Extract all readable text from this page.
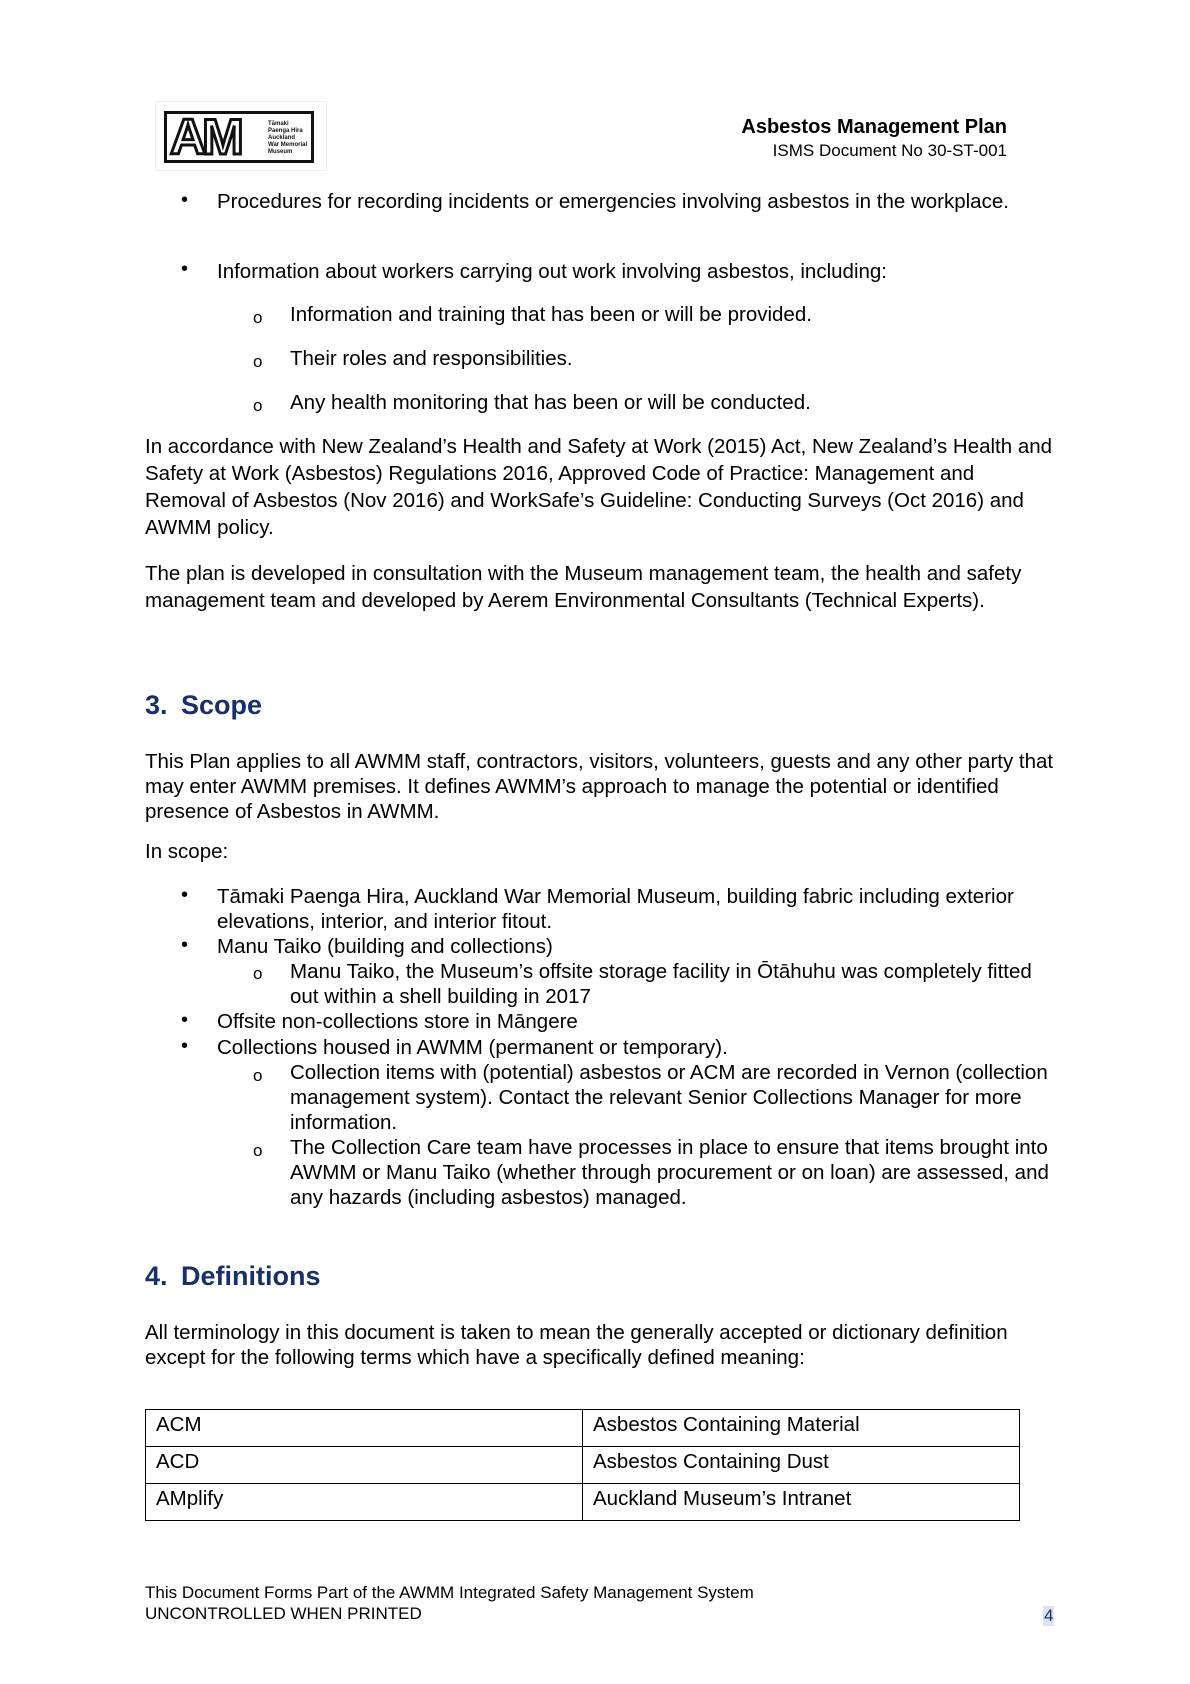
AM	Tāmaki
Paenga Hira
Auckland
War Memorial
Museum
Asbestos Management Plan
ISMS Document No 30-ST-001
• Procedures for recording incidents or emergencies involving asbestos in the workplace.
• Information about workers carrying out work involving asbestos, including:
o Information and training that has been or will be provided.
o Their roles and responsibilities.
o Any health monitoring that has been or will be conducted.
In accordance with New Zealand’s Health and Safety at Work (2015) Act, New Zealand’s Health and Safety at Work (Asbestos) Regulations 2016, Approved Code of Practice: Management and Removal of Asbestos (Nov 2016) and WorkSafe’s Guideline: Conducting Surveys (Oct 2016) and AWMM policy.
The plan is developed in consultation with the Museum management team, the health and safety management team and developed by Aerem Environmental Consultants (Technical Experts).
3. Scope
This Plan applies to all AWMM staff, contractors, visitors, volunteers, guests and any other party that may enter AWMM premises. It defines AWMM’s approach to manage the potential or identified presence of Asbestos in AWMM.
In scope:
• Tāmaki Paenga Hira, Auckland War Memorial Museum, building fabric including exterior elevations, interior, and interior fitout.
• Manu Taiko (building and collections)
o Manu Taiko, the Museum’s offsite storage facility in Ōtāhuhu was completely fitted out within a shell building in 2017
• Offsite non-collections store in Māngere
• Collections housed in AWMM (permanent or temporary).
o Collection items with (potential) asbestos or ACM are recorded in Vernon (collection management system). Contact the relevant Senior Collections Manager for more information.
o The Collection Care team have processes in place to ensure that items brought into AWMM or Manu Taiko (whether through procurement or on loan) are assessed, and any hazards (including asbestos) managed.
4. Definitions
All terminology in this document is taken to mean the generally accepted or dictionary definition except for the following terms which have a specifically defined meaning:
ACM	Asbestos Containing Material
ACD	Asbestos Containing Dust
AMplify	Auckland Museum’s Intranet
This Document Forms Part of the AWMM Integrated Safety Management System
UNCONTROLLED WHEN PRINTED	4
